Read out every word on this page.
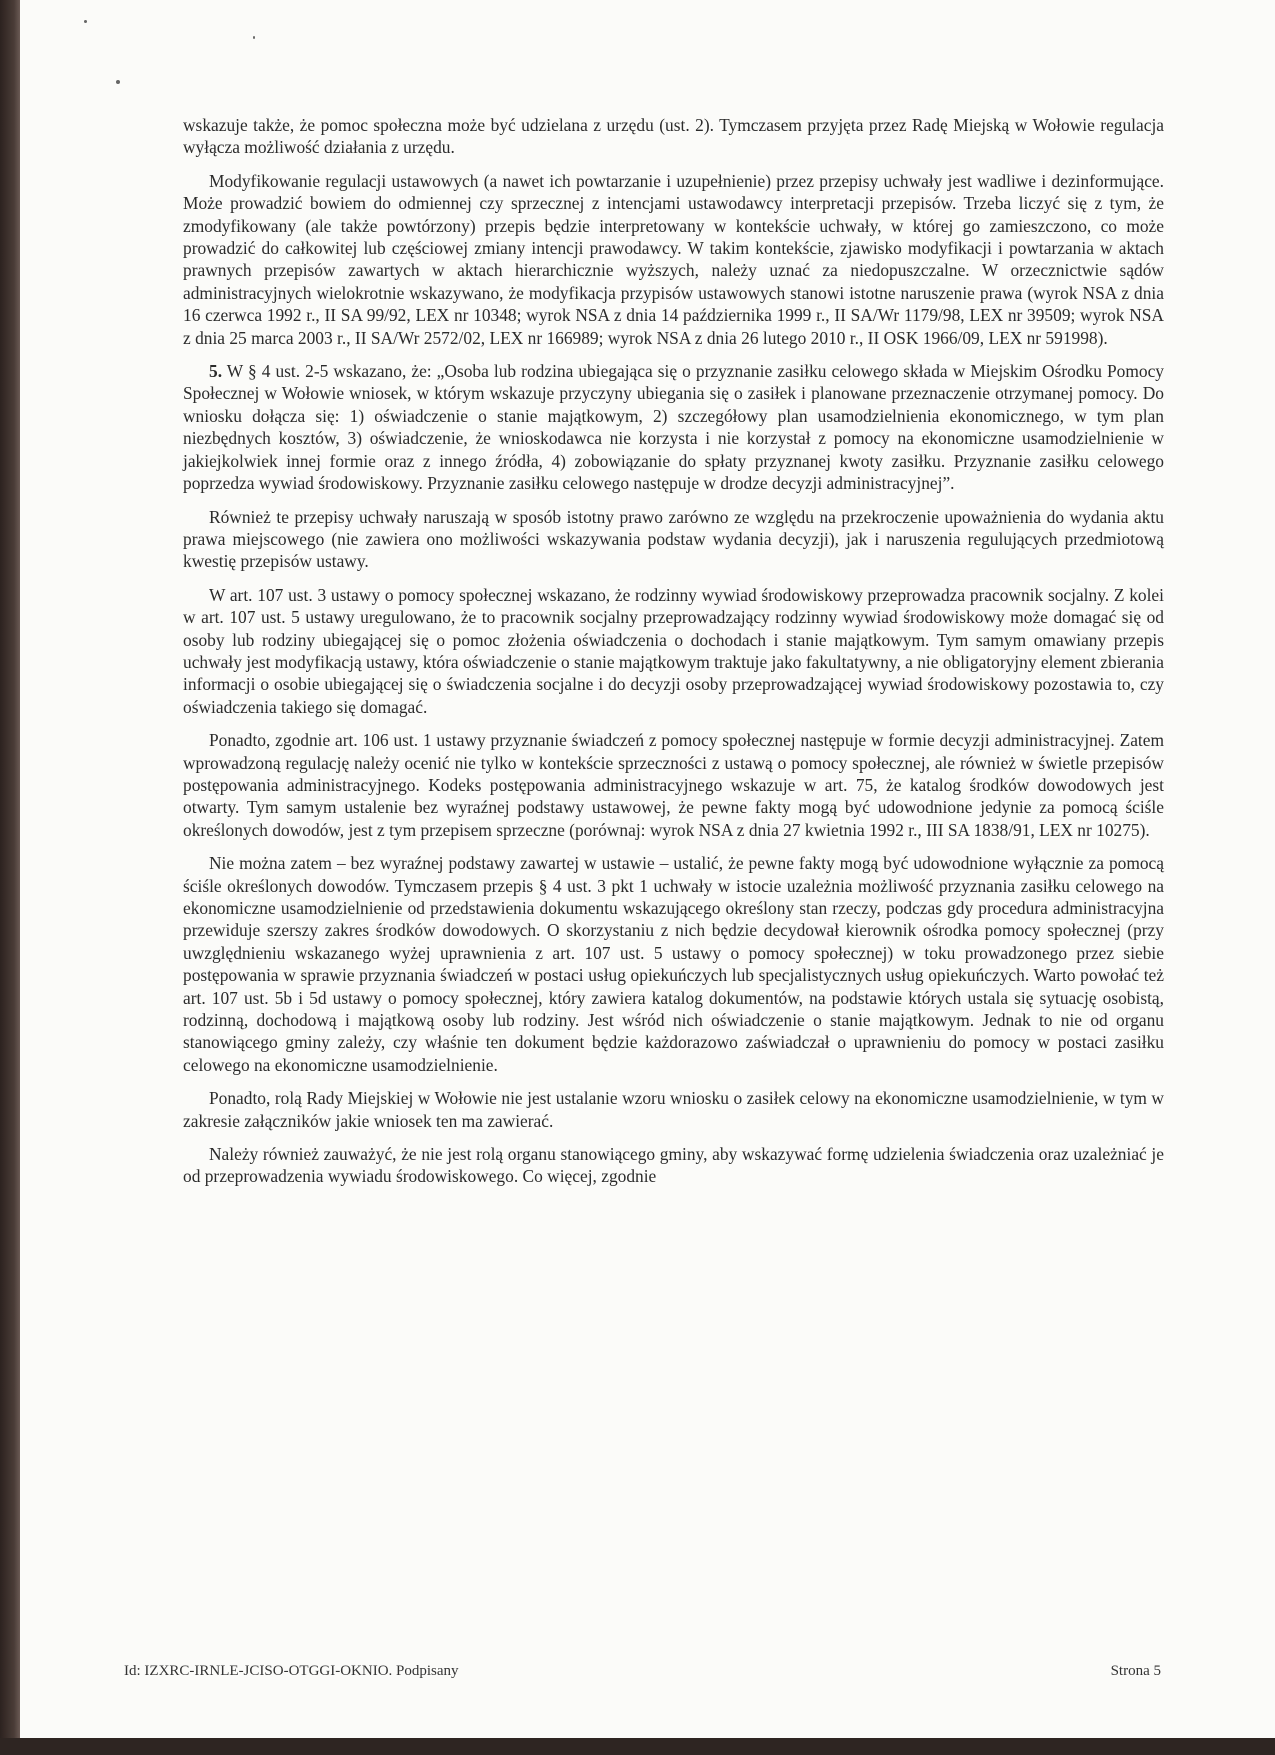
wskazuje także, że pomoc społeczna może być udzielana z urzędu (ust. 2). Tymczasem przyjęta przez Radę Miejską w Wołowie regulacja wyłącza możliwość działania z urzędu.

Modyfikowanie regulacji ustawowych (a nawet ich powtarzanie i uzupełnienie) przez przepisy uchwały jest wadliwe i dezinformujące. Może prowadzić bowiem do odmiennej czy sprzecznej z intencjami ustawodawcy interpretacji przepisów. Trzeba liczyć się z tym, że zmodyfikowany (ale także powtórzony) przepis będzie interpretowany w kontekście uchwały, w której go zamieszczono, co może prowadzić do całkowitej lub częściowej zmiany intencji prawodawcy. W takim kontekście, zjawisko modyfikacji i powtarzania w aktach prawnych przepisów zawartych w aktach hierarchicznie wyższych, należy uznać za niedopuszczalne. W orzecznictwie sądów administracyjnych wielokrotnie wskazywano, że modyfikacja przypisów ustawowych stanowi istotne naruszenie prawa (wyrok NSA z dnia 16 czerwca 1992 r., II SA 99/92, LEX nr 10348; wyrok NSA z dnia 14 października 1999 r., II SA/Wr 1179/98, LEX nr 39509; wyrok NSA z dnia 25 marca 2003 r., II SA/Wr 2572/02, LEX nr 166989; wyrok NSA z dnia 26 lutego 2010 r., II OSK 1966/09, LEX nr 591998).

5. W § 4 ust. 2-5 wskazano, że: „Osoba lub rodzina ubiegająca się o przyznanie zasiłku celowego składa w Miejskim Ośrodku Pomocy Społecznej w Wołowie wniosek, w którym wskazuje przyczyny ubiegania się o zasiłek i planowane przeznaczenie otrzymanej pomocy. Do wniosku dołącza się: 1) oświadczenie o stanie majątkowym, 2) szczegółowy plan usamodzielnienia ekonomicznego, w tym plan niezbędnych kosztów, 3) oświadczenie, że wnioskodawca nie korzysta i nie korzystał z pomocy na ekonomiczne usamodzielnienie w jakiejkolwiek innej formie oraz z innego źródła, 4) zobowiązanie do spłaty przyznanej kwoty zasiłku. Przyznanie zasiłku celowego poprzedza wywiad środowiskowy. Przyznanie zasiłku celowego następuje w drodze decyzji administracyjnej”.

Również te przepisy uchwały naruszają w sposób istotny prawo zarówno ze względu na przekroczenie upoważnienia do wydania aktu prawa miejscowego (nie zawiera ono możliwości wskazywania podstaw wydania decyzji), jak i naruszenia regulujących przedmiotową kwestię przepisów ustawy.

W art. 107 ust. 3 ustawy o pomocy społecznej wskazano, że rodzinny wywiad środowiskowy przeprowadza pracownik socjalny. Z kolei w art. 107 ust. 5 ustawy uregulowano, że to pracownik socjalny przeprowadzający rodzinny wywiad środowiskowy może domagać się od osoby lub rodziny ubiegającej się o pomoc złożenia oświadczenia o dochodach i stanie majątkowym. Tym samym omawiany przepis uchwały jest modyfikacją ustawy, która oświadczenie o stanie majątkowym traktuje jako fakultatywny, a nie obligatoryjny element zbierania informacji o osobie ubiegającej się o świadczenia socjalne i do decyzji osoby przeprowadzającej wywiad środowiskowy pozostawia to, czy oświadczenia takiego się domagać.

Ponadto, zgodnie art. 106 ust. 1 ustawy przyznanie świadczeń z pomocy społecznej następuje w formie decyzji administracyjnej. Zatem wprowadzoną regulację należy ocenić nie tylko w kontekście sprzeczności z ustawą o pomocy społecznej, ale również w świetle przepisów postępowania administracyjnego. Kodeks postępowania administracyjnego wskazuje w art. 75, że katalog środków dowodowych jest otwarty. Tym samym ustalenie bez wyraźnej podstawy ustawowej, że pewne fakty mogą być udowodnione jedynie za pomocą ściśle określonych dowodów, jest z tym przepisem sprzeczne (porównaj: wyrok NSA z dnia 27 kwietnia 1992 r., III SA 1838/91, LEX nr 10275).

Nie można zatem – bez wyraźnej podstawy zawartej w ustawie – ustalić, że pewne fakty mogą być udowodnione wyłącznie za pomocą ściśle określonych dowodów. Tymczasem przepis § 4 ust. 3 pkt 1 uchwały w istocie uzależnia możliwość przyznania zasiłku celowego na ekonomiczne usamodzielnienie od przedstawienia dokumentu wskazującego określony stan rzeczy, podczas gdy procedura administracyjna przewiduje szerszy zakres środków dowodowych. O skorzystaniu z nich będzie decydował kierownik ośrodka pomocy społecznej (przy uwzględnieniu wskazanego wyżej uprawnienia z art. 107 ust. 5 ustawy o pomocy społecznej) w toku prowadzonego przez siebie postępowania w sprawie przyznania świadczeń w postaci usług opiekuńczych lub specjalistycznych usług opiekuńczych. Warto powołać też art. 107 ust. 5b i 5d ustawy o pomocy społecznej, który zawiera katalog dokumentów, na podstawie których ustala się sytuację osobistą, rodzinną, dochodową i majątkową osoby lub rodziny. Jest wśród nich oświadczenie o stanie majątkowym. Jednak to nie od organu stanowiącego gminy zależy, czy właśnie ten dokument będzie każdorazowo zaświadczał o uprawnieniu do pomocy w postaci zasiłku celowego na ekonomiczne usamodzielnienie.

Ponadto, rolą Rady Miejskiej w Wołowie nie jest ustalanie wzoru wniosku o zasiłek celowy na ekonomiczne usamodzielnienie, w tym w zakresie załączników jakie wniosek ten ma zawierać.

Należy również zauważyć, że nie jest rolą organu stanowiącego gminy, aby wskazywać formę udzielenia świadczenia oraz uzależniać je od przeprowadzenia wywiadu środowiskowego. Co więcej, zgodnie

Id: IZXRC-IRNLE-JCISO-OTGGI-OKNIO. Podpisany	Strona 5
